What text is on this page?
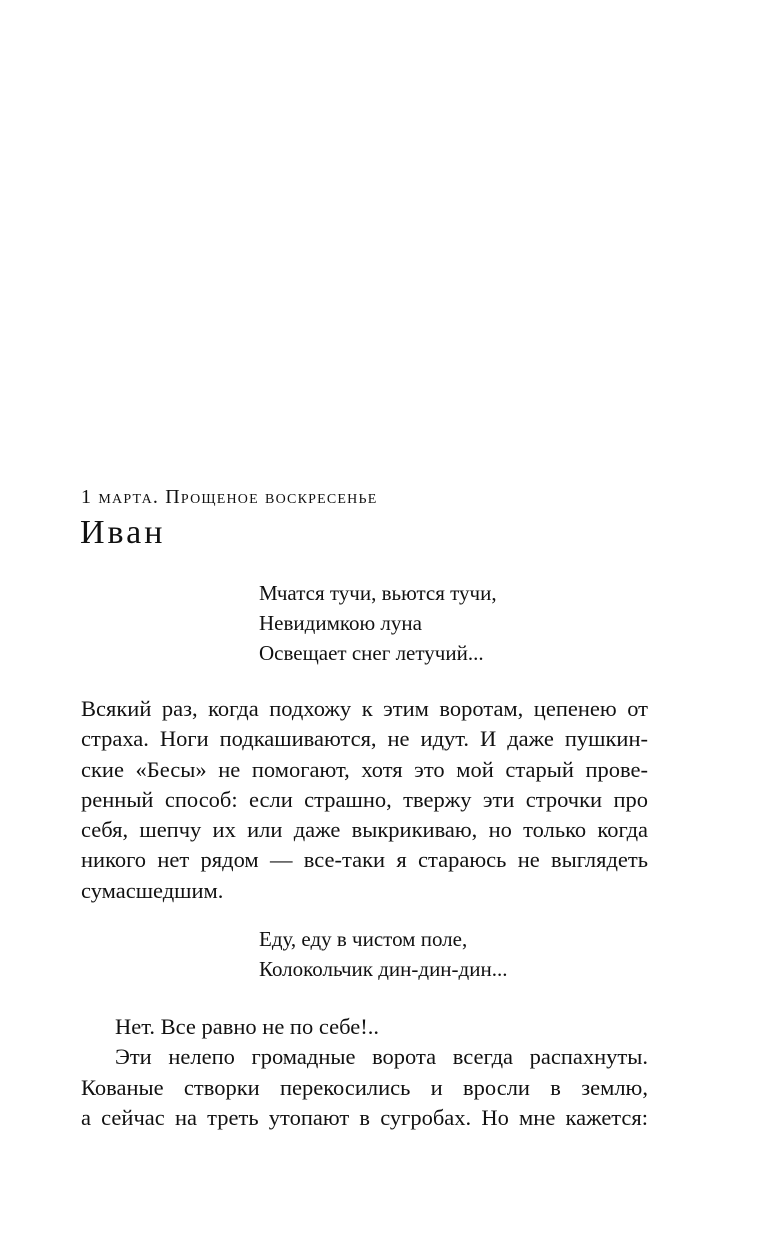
1 марта. Прощеное воскресенье
Иван
Мчатся тучи, вьются тучи,
Невидимкою луна
Освещает снег летучий...
Всякий раз, когда подхожу к этим воротам, цепенею от
страха. Ноги подкашиваются, не идут. И даже пушкин-
ские «Бесы» не помогают, хотя это мой старый прове-
ренный способ: если страшно, твержу эти строчки про
себя, шепчу их или даже выкрикиваю, но только когда
никого нет рядом — все-таки я стараюсь не выглядеть
сумасшедшим.
Еду, еду в чистом поле,
Колокольчик дин-дин-дин...
Нет. Все равно не по себе!..
Эти нелепо громадные ворота всегда распахнуты.
Кованые створки перекосились и вросли в землю,
а сейчас на треть утопают в сугробах. Но мне кажется:
